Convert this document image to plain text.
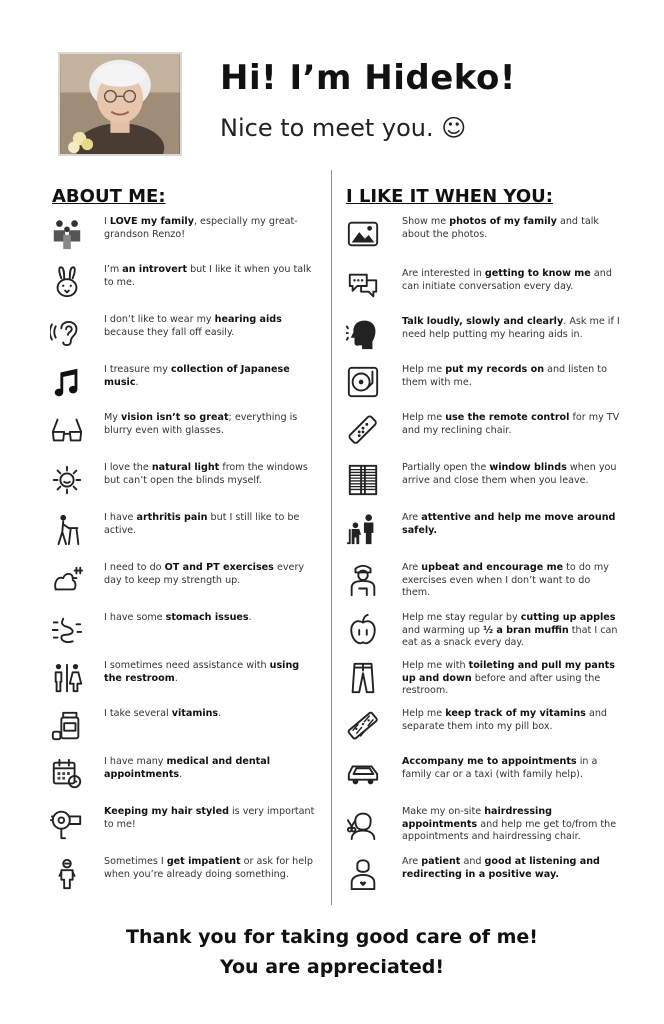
Hi! I’m Hideko!
Nice to meet you. ☺
ABOUT ME:	I LIKE IT WHEN YOU:
I LOVE my family, especially my great-grandson Renzo!
I’m an introvert but I like it when you talk to me.
I don’t like to wear my hearing aids because they fall off easily.
I treasure my collection of Japanese music.
My vision isn’t so great; everything is blurry even with glasses.
I love the natural light from the windows but can’t open the blinds myself.
I have arthritis pain but I still like to be active.
I need to do OT and PT exercises every day to keep my strength up.
I have some stomach issues.
I sometimes need assistance with using the restroom.
I take several vitamins.
I have many medical and dental appointments.
Keeping my hair styled is very important to me!
Sometimes I get impatient or ask for help when you’re already doing something.
Show me photos of my family and talk about the photos.
Are interested in getting to know me and can initiate conversation every day.
Talk loudly, slowly and clearly. Ask me if I need help putting my hearing aids in.
Help me put my records on and listen to them with me.
Help me use the remote control for my TV and my reclining chair.
Partially open the window blinds when you arrive and close them when you leave.
Are attentive and help me move around safely.
Are upbeat and encourage me to do my exercises even when I don’t want to do them.
Help me stay regular by cutting up apples and warming up ½ a bran muffin that I can eat as a snack every day.
Help me with toileting and pull my pants up and down before and after using the restroom.
Help me keep track of my vitamins and separate them into my pill box.
Accompany me to appointments in a family car or a taxi (with family help).
Make my on-site hairdressing appointments and help me get to/from the appointments and hairdressing chair.
Are patient and good at listening and redirecting in a positive way.
Thank you for taking good care of me!
You are appreciated!
